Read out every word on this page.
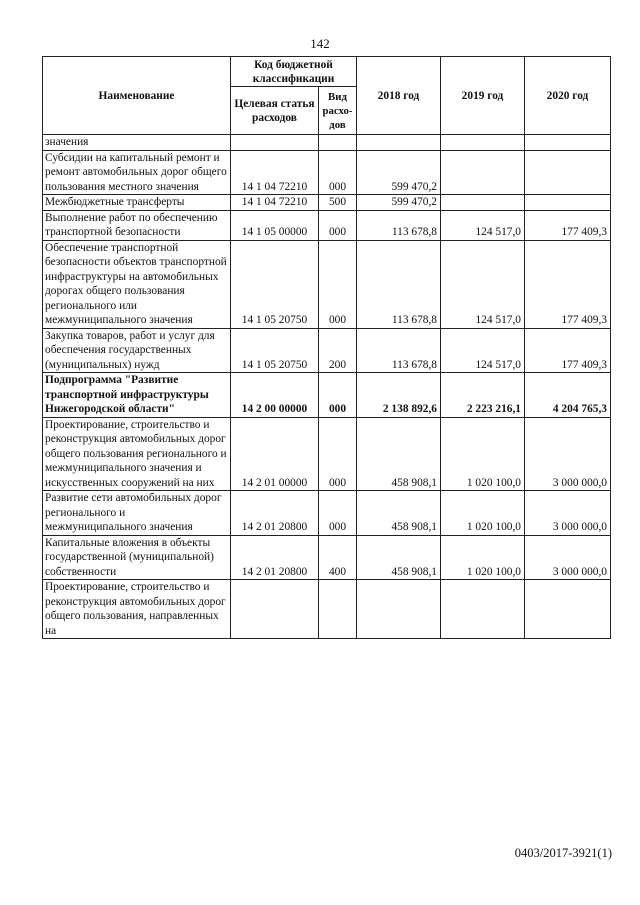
142
Наименование	Код бюджетной классификации		2018 год	2019 год	2020 год
	Целевая статья расходов	Вид расхо-дов			
значения					
Субсидии на капитальный ремонт и ремонт автомобильных дорог общего пользования местного значения	14 1 04 72210	000	599 470,2		
Межбюджетные трансферты	14 1 04 72210	500	599 470,2		
Выполнение работ по обеспечению транспортной безопасности	14 1 05 00000	000	113 678,8	124 517,0	177 409,3
Обеспечение транспортной безопасности объектов транспортной инфраструктуры на автомобильных дорогах общего пользования регионального или межмуниципального значения	14 1 05 20750	000	113 678,8	124 517,0	177 409,3
Закупка товаров, работ и услуг для обеспечения государственных (муниципальных) нужд	14 1 05 20750	200	113 678,8	124 517,0	177 409,3
Подпрограмма "Развитие транспортной инфраструктуры Нижегородской области"	14 2 00 00000	000	2 138 892,6	2 223 216,1	4 204 765,3
Проектирование, строительство и реконструкция автомобильных дорог общего пользования регионального и межмуниципального значения и искусственных сооружений на них	14 2 01 00000	000	458 908,1	1 020 100,0	3 000 000,0
Развитие сети автомобильных дорог регионального и межмуниципального значения	14 2 01 20800	000	458 908,1	1 020 100,0	3 000 000,0
Капитальные вложения в объекты государственной (муниципальной) собственности	14 2 01 20800	400	458 908,1	1 020 100,0	3 000 000,0
Проектирование, строительство и реконструкция автомобильных дорог общего пользования, направленных на					
0403/2017-3921(1)
